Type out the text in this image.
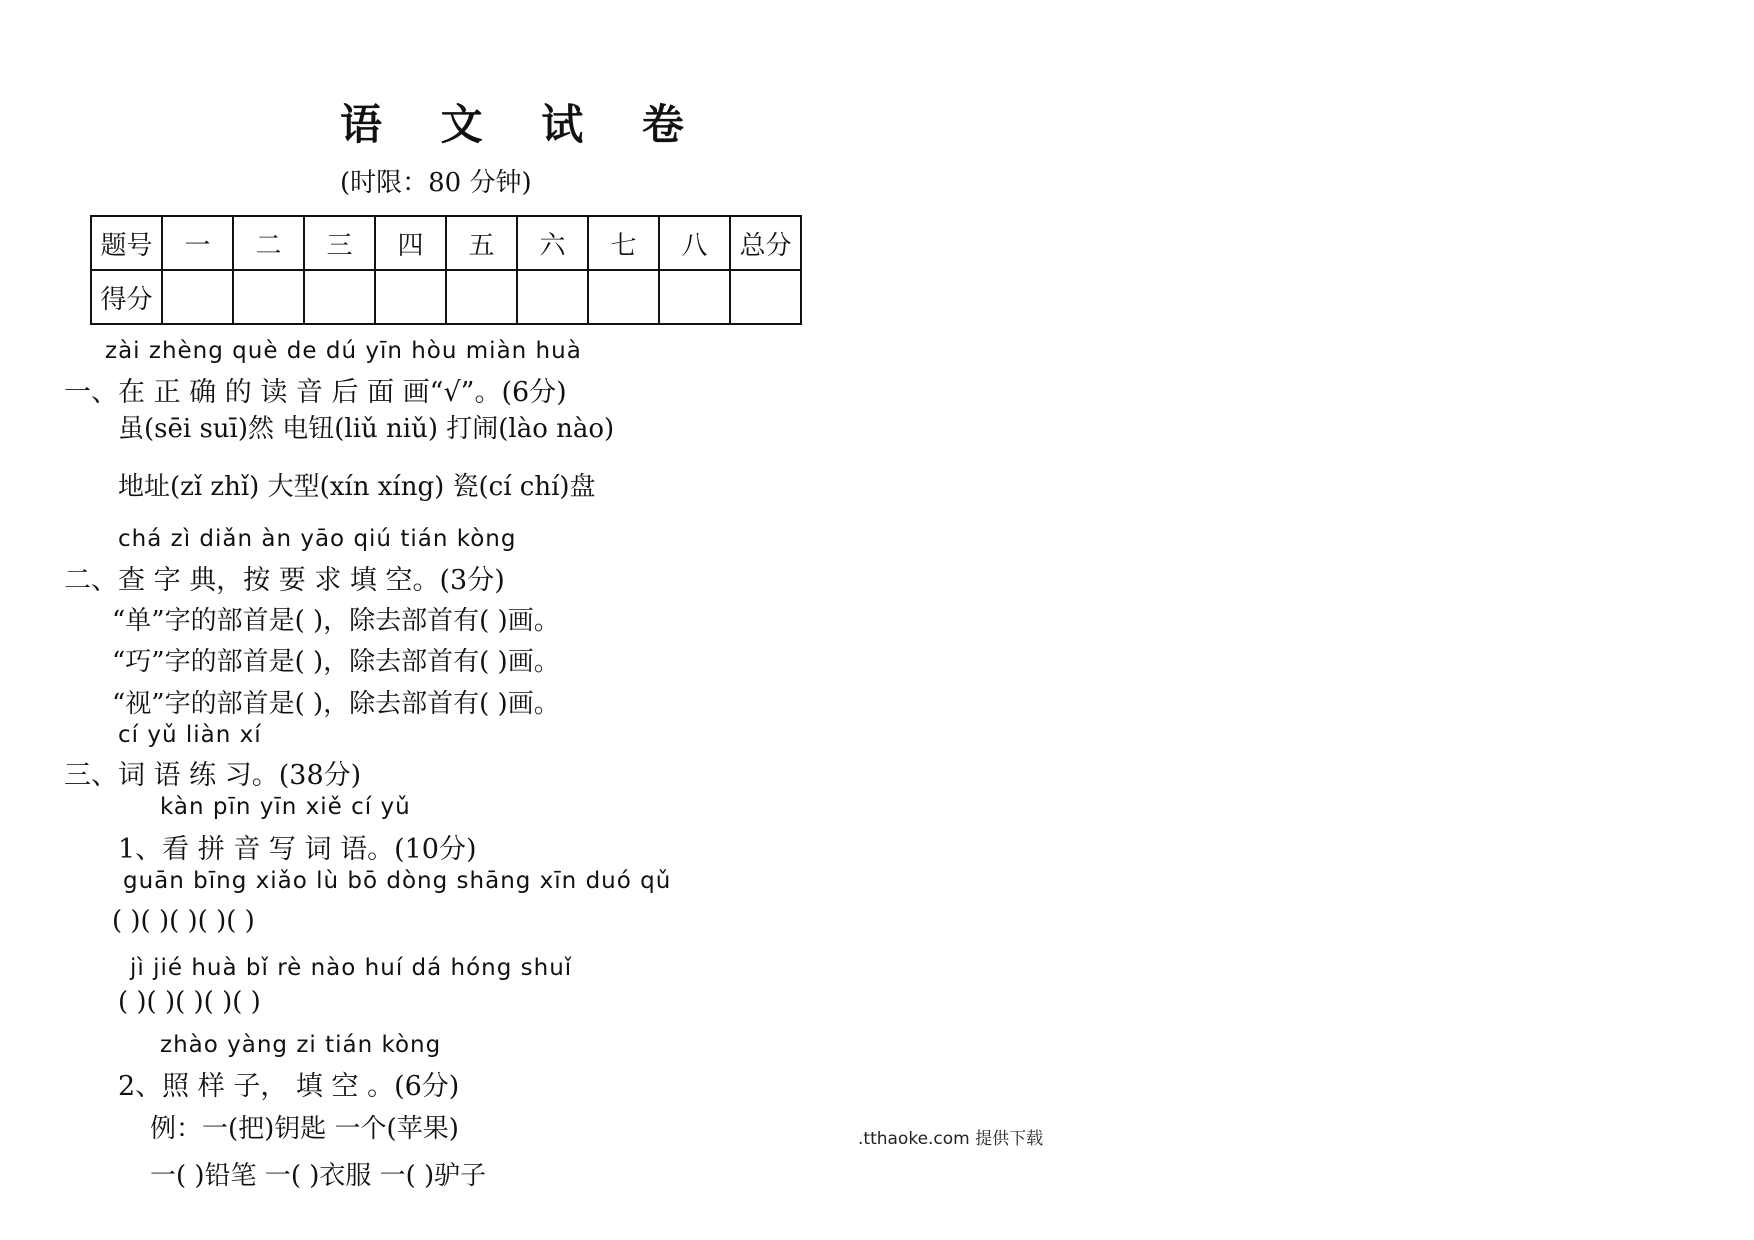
语 文 试 卷
(时限：80 分钟)
题号	一	二	三	四	五	六	七	八	总分
得分									
zài zhèng què de dú yīn hòu miàn huà
一、在 正 确 的 读 音 后 面 画“√”。(6分)
虽(sēi suī)然 电钮(liǔ niǔ) 打闹(lào nào)
地址(zǐ zhǐ) 大型(xín xíng) 瓷(cí chí)盘
chá zì diǎn àn yāo qiú tián kòng
二、查 字 典，按 要 求 填 空。(3分)
“单”字的部首是( )，除去部首有( )画。
“巧”字的部首是( )，除去部首有( )画。
“视”字的部首是( )，除去部首有( )画。
cí yǔ liàn xí
三、词 语 练 习。(38分)
kàn pīn yīn xiě cí yǔ
1、看 拼 音 写 词 语。(10分)
guān bīng xiǎo lù bō dòng shāng xīn duó qǔ
( )( )( )( )( )
jì jié huà bǐ rè nào huí dá hóng shuǐ
( )( )( )( )( )
zhào yàng zi tián kòng
2、照 样 子， 填 空 。(6分)
例：一(把)钥匙 一个(苹果)
一( )铅笔 一( )衣服 一( )驴子
.tthaoke.com 提供下载
